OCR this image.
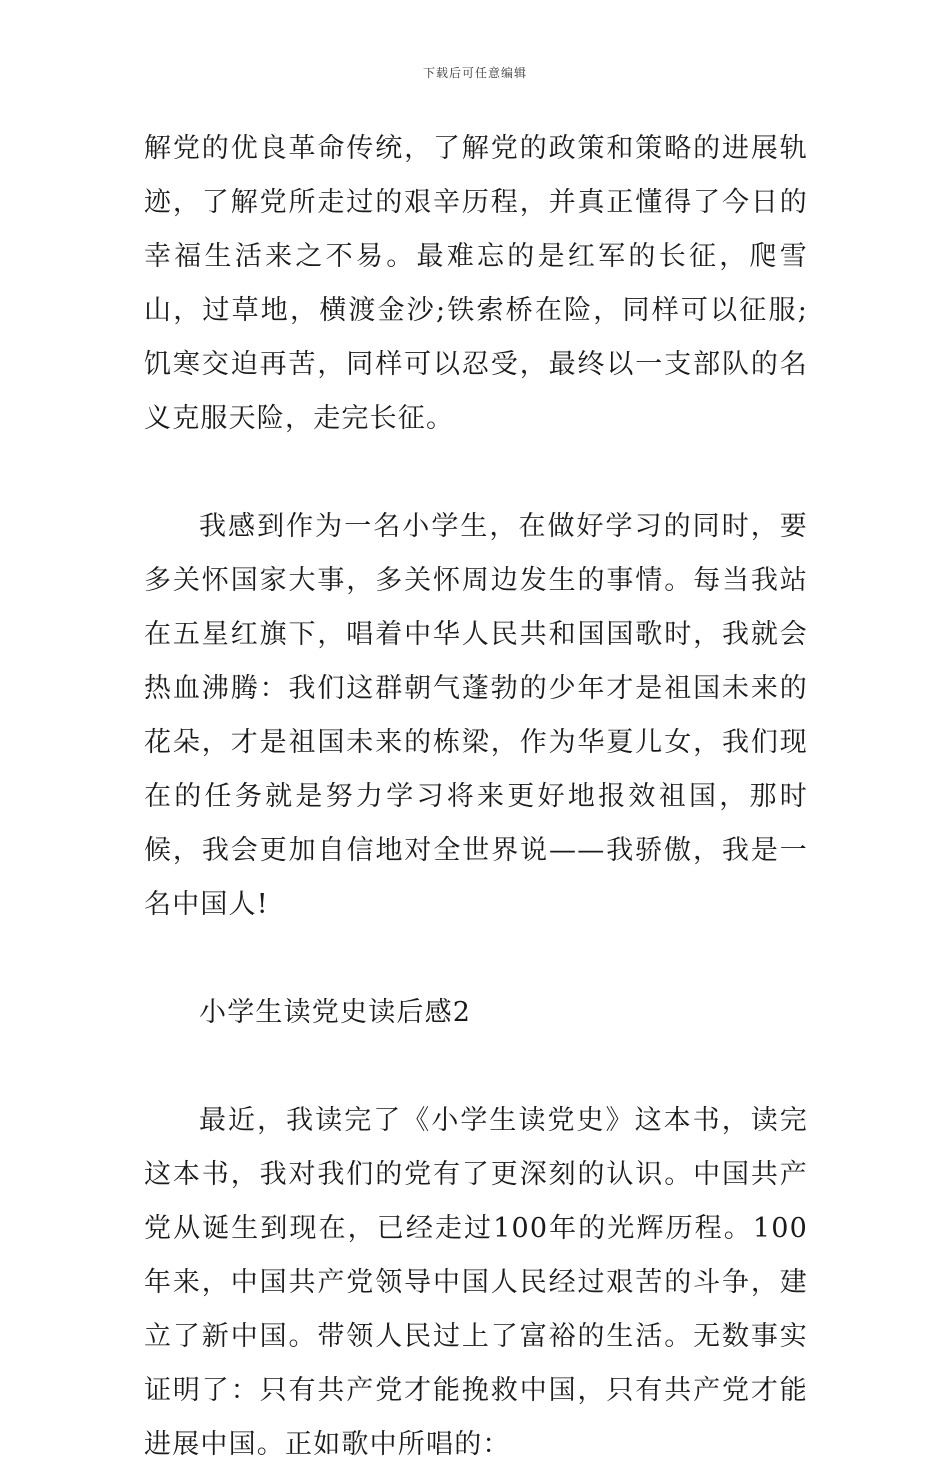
下载后可任意编辑

解党的优良革命传统，了解党的政策和策略的进展轨迹，了解党所走过的艰辛历程，并真正懂得了今日的幸福生活来之不易。最难忘的是红军的长征，爬雪山，过草地，横渡金沙;铁索桥在险，同样可以征服;饥寒交迫再苦，同样可以忍受，最终以一支部队的名义克服天险，走完长征。

我感到作为一名小学生，在做好学习的同时，要多关怀国家大事，多关怀周边发生的事情。每当我站在五星红旗下，唱着中华人民共和国国歌时，我就会热血沸腾：我们这群朝气蓬勃的少年才是祖国未来的花朵，才是祖国未来的栋梁，作为华夏儿女，我们现在的任务就是努力学习将来更好地报效祖国，那时候，我会更加自信地对全世界说——我骄傲，我是一名中国人!

小学生读党史读后感2

最近，我读完了《小学生读党史》这本书，读完这本书，我对我们的党有了更深刻的认识。中国共产党从诞生到现在，已经走过100年的光辉历程。100年来，中国共产党领导中国人民经过艰苦的斗争，建立了新中国。带领人民过上了富裕的生活。无数事实证明了：只有共产党才能挽救中国，只有共产党才能进展中国。正如歌中所唱的：
